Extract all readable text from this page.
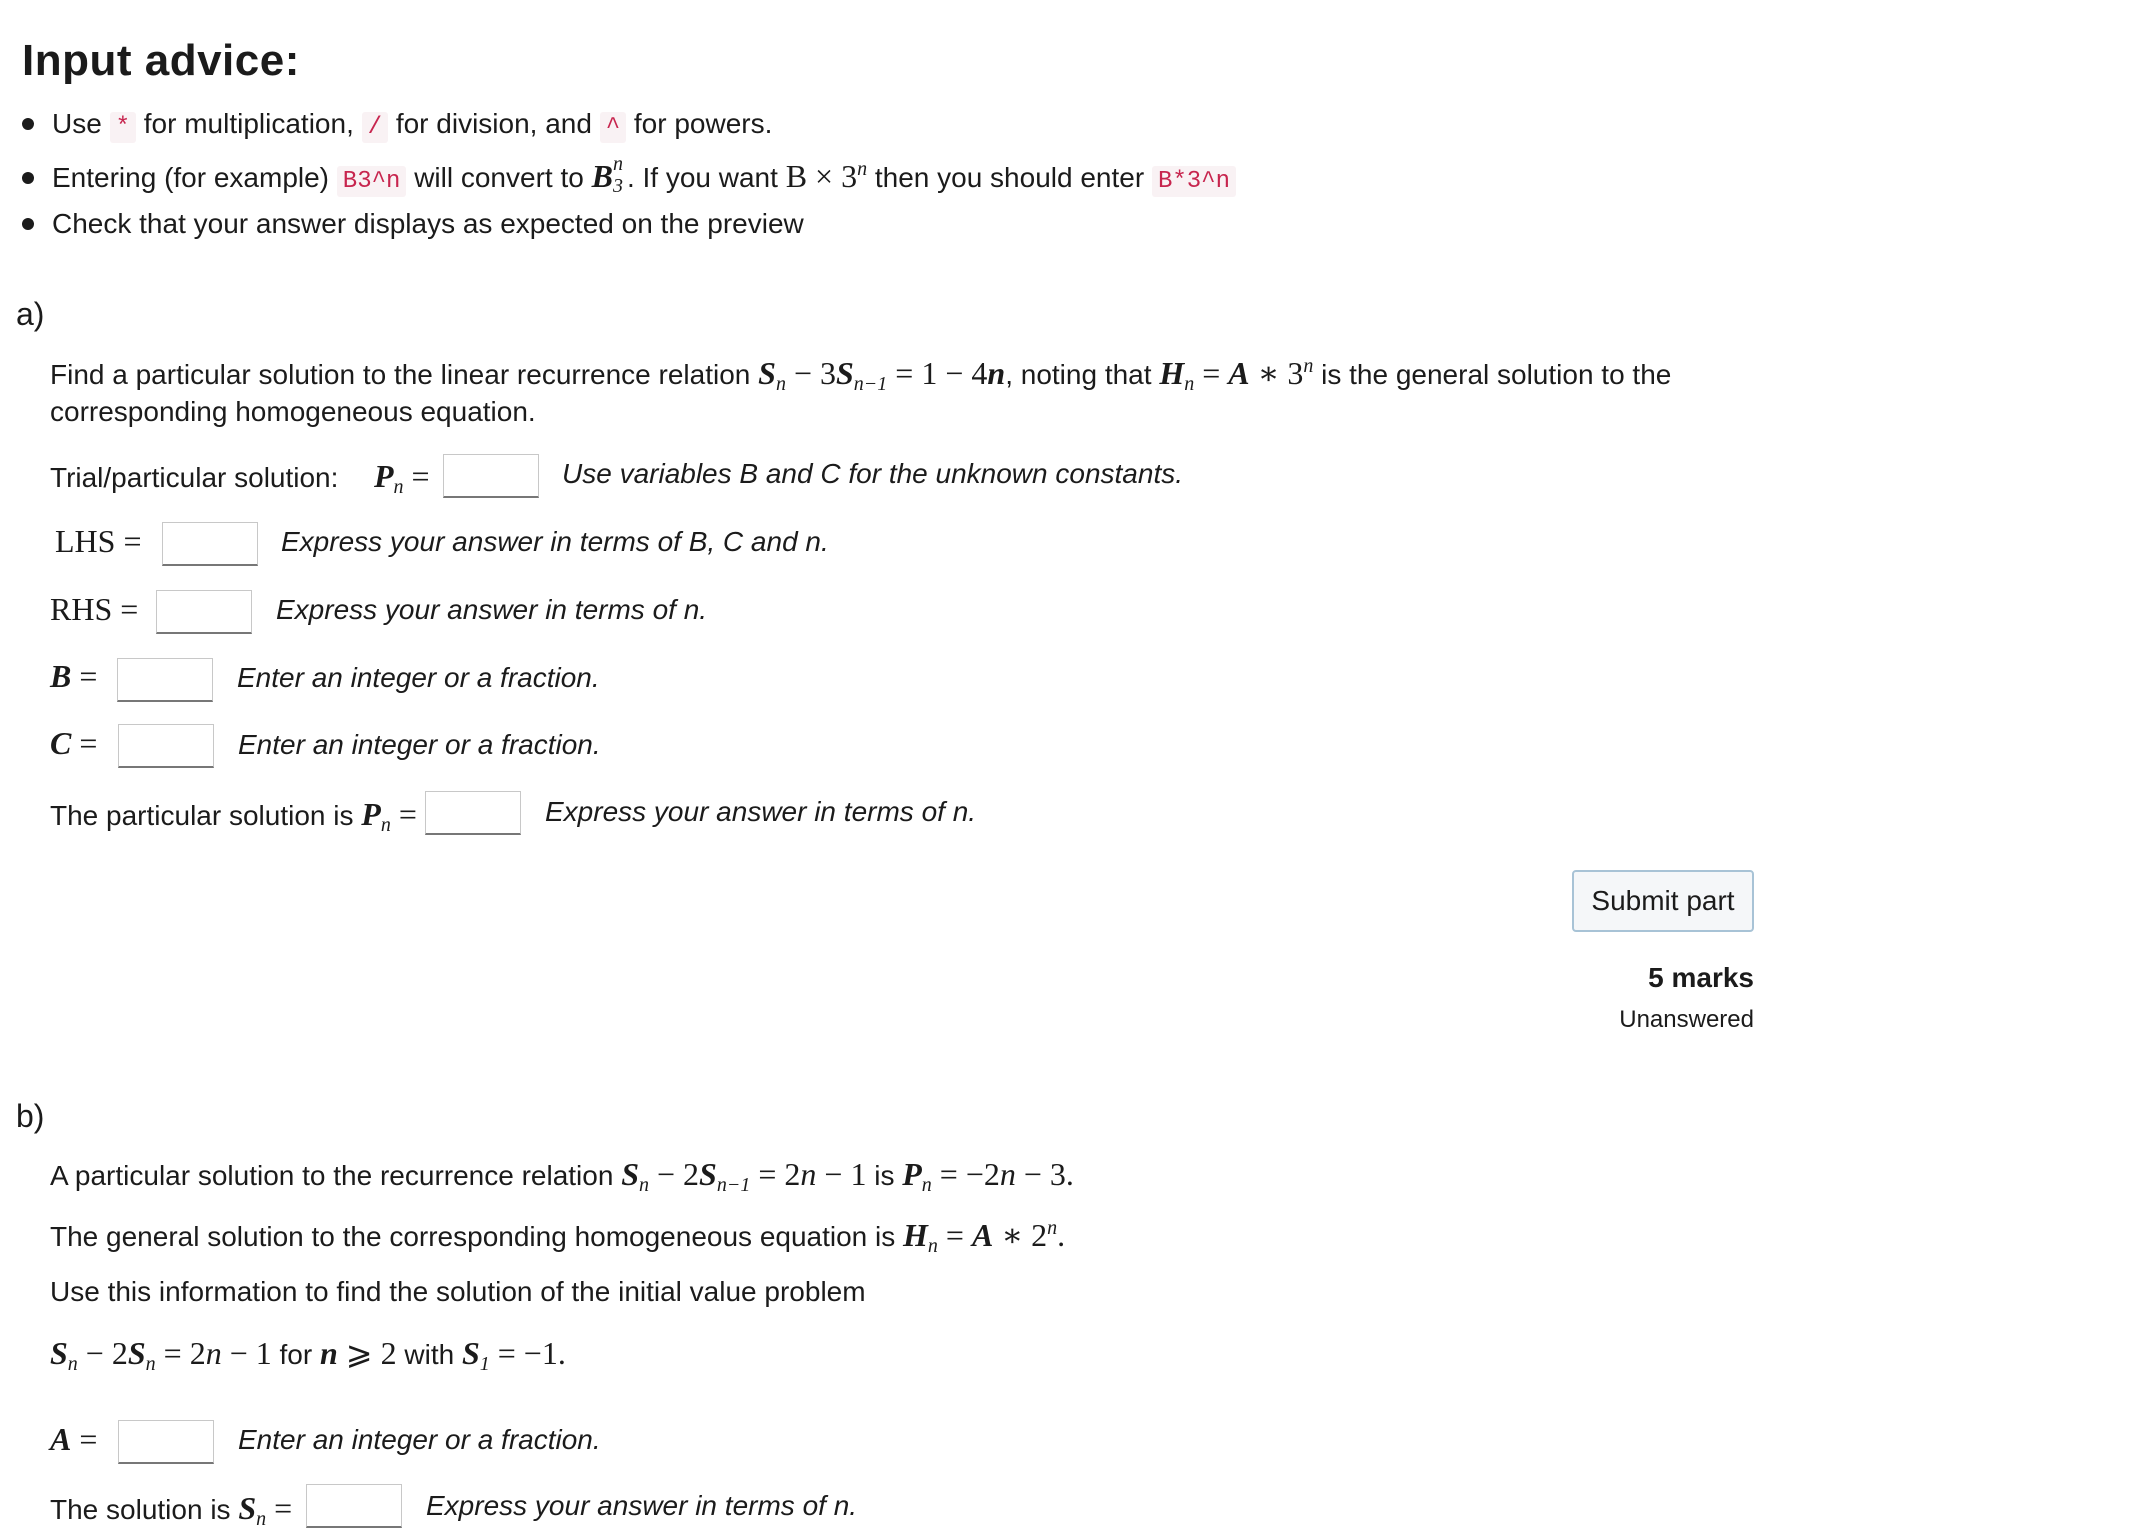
Input advice:
Use * for multiplication, / for division, and ^ for powers.
Entering (for example) B3^n will convert to B n
3 . If you want $B \times 3^n$ then you should enter B*3^n
Check that your answer displays as expected on the preview
a)
Find a particular solution to the linear recurrence relation $S_n - 3S_{n-1} = 1 - 4n$, noting that $H_n = A$ ∗ 3$^n$ is the general solution to the
corresponding homogeneous equation.
Trial/particular solution: $P_n$ =	Use variables B and C for the unknown constants.
LHS =	Express your answer in terms of B, C and n.
RHS =	Express your answer in terms of n.
B =	Enter an integer or a fraction.
C =	Enter an integer or a fraction.
The particular solution is $P_n$ =	Express your answer in terms of n.
Submit part
5 marks
Unanswered
b)
A particular solution to the recurrence relation $S_n - 2S_{n-1} = 2n - 1$ is $P_n = -2n - 3$.
The general solution to the corresponding homogeneous equation is $H_n = A$ ∗ 2$^n$.
Use this information to find the solution of the initial value problem
$S_n - 2S_n = 2n - 1$ for n ⩾ 2 with $S_1 = -1$.
A =	Enter an integer or a fraction.
The solution is $S_n$ =	Express your answer in terms of n.
